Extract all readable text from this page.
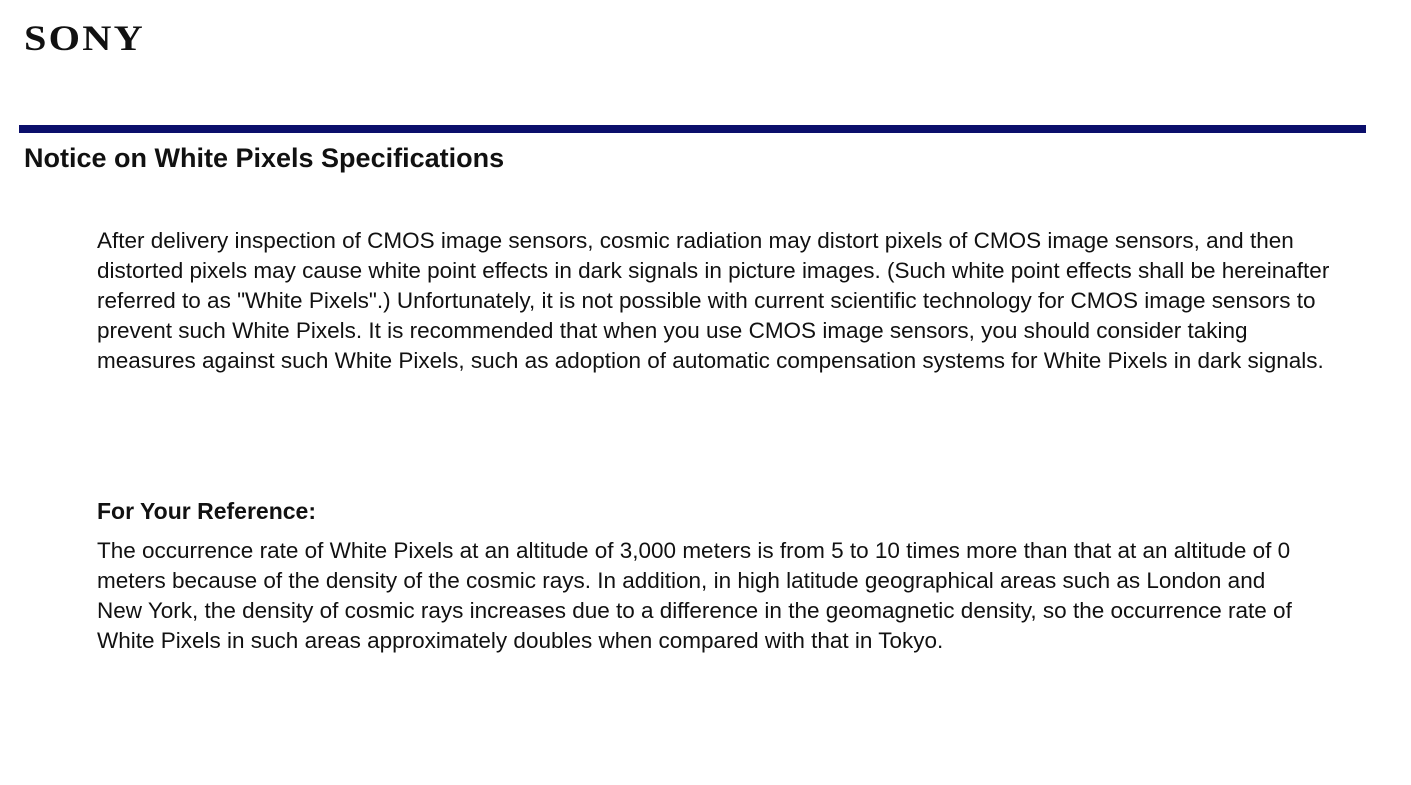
SONY
Notice on White Pixels Specifications

After delivery inspection of CMOS image sensors, cosmic radiation may distort pixels of CMOS image sensors, and then distorted pixels may cause white point effects in dark signals in picture images. (Such white point effects shall be hereinafter referred to as "White Pixels".) Unfortunately, it is not possible with current scientific technology for CMOS image sensors to prevent such White Pixels. It is recommended that when you use CMOS image sensors, you should consider taking measures against such White Pixels, such as adoption of automatic compensation systems for White Pixels in dark signals.

For Your Reference:

The occurrence rate of White Pixels at an altitude of 3,000 meters is from 5 to 10 times more than that at an altitude of 0 meters because of the density of the cosmic rays. In addition, in high latitude geographical areas such as London and New York, the density of cosmic rays increases due to a difference in the geomagnetic density, so the occurrence rate of White Pixels in such areas approximately doubles when compared with that in Tokyo.
